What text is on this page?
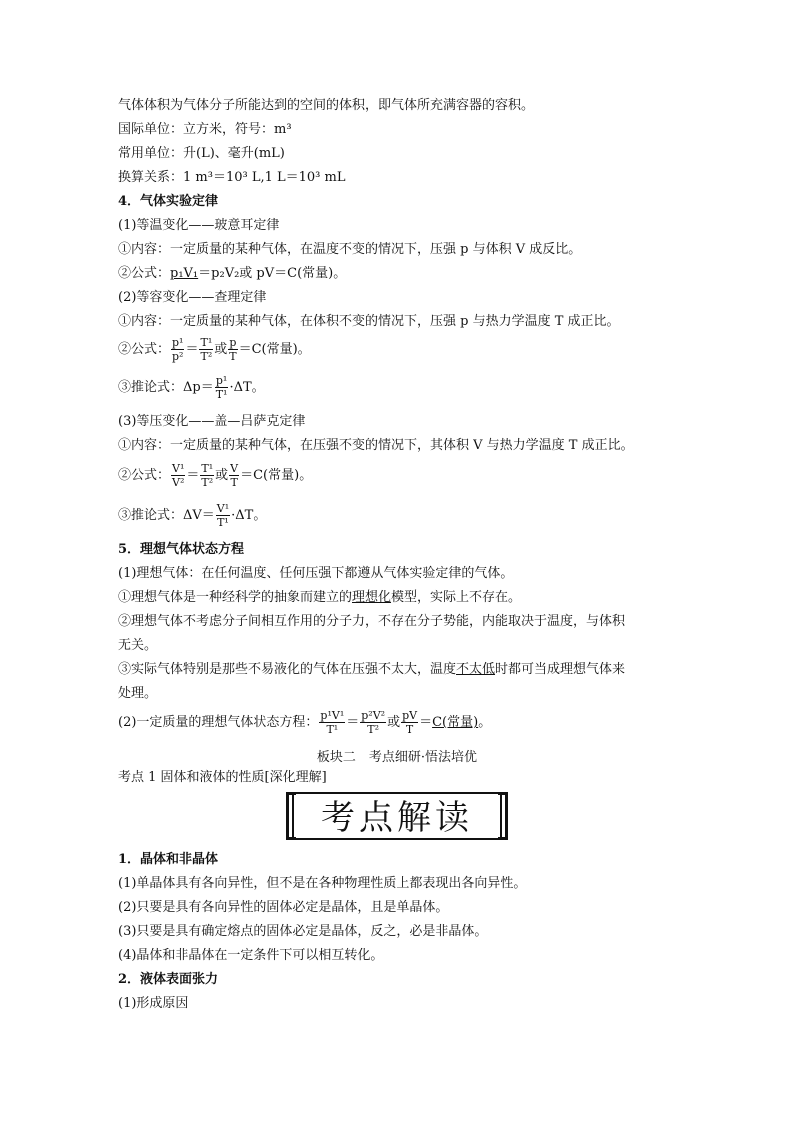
气体体积为气体分子所能达到的空间的体积，即气体所充满容器的容积。
国际单位：立方米，符号：m³
常用单位：升(L)、毫升(mL)
换算关系：1 m³＝10³ L,1 L＝10³ mL
4．气体实验定律
(1)等温变化——玻意耳定律
①内容：一定质量的某种气体，在温度不变的情况下，压强 p 与体积 V 成反比。
②公式：p₁V₁＝p₂V₂或 pV＝C(常量)。
(2)等容变化——查理定律
①内容：一定质量的某种气体，在体积不变的情况下，压强 p 与热力学温度 T 成正比。
②公式： $\frac{\text{p¹}}{\text{p²}} = \frac{\text{T¹}}{\text{T²}}$ 或 $\frac{p}{T} =C$(常量)。
③推论式：$\Delta p= \frac{\text{p¹}}{\text{T¹}} \cdot\Delta T$。
(3)等压变化——盖—吕萨克定律
①内容：一定质量的某种气体，在压强不变的情况下，其体积 V 与热力学温度 T 成正比。
②公式： $\frac{\text{V¹}}{\text{V²}} = \frac{\text{T¹}}{\text{T²}}$ 或 $\frac{V}{T} =C$(常量)。
③推论式：$\Delta V= \frac{\text{V¹}}{\text{T¹}} \cdot\Delta T$。
5．理想气体状态方程
(1)理想气体：在任何温度、任何压强下都遵从气体实验定律的气体。
①理想气体是一种经科学的抽象而建立的理想化模型，实际上不存在。
②理想气体不考虑分子间相互作用的分子力，不存在分子势能，内能取决于温度，与体积
无关。
③实际气体特别是那些不易液化的气体在压强不太大，温度不太低时都可当成理想气体来
处理。
(2)一定质量的理想气体状态方程： $\frac{\text{p¹V¹}}{\text{T¹}} = \frac{\text{p²V²}}{\text{T²}}$ 或 $\frac{pV}{T} =C$(常量)。
板块二　考点细研·悟法培优
考点 1 固体和液体的性质[深化理解]
考点解读
1．晶体和非晶体
(1)单晶体具有各向异性，但不是在各种物理性质上都表现出各向异性。
(2)只要是具有各向异性的固体必定是晶体，且是单晶体。
(3)只要是具有确定熔点的固体必定是晶体，反之，必是非晶体。
(4)晶体和非晶体在一定条件下可以相互转化。
2．液体表面张力
(1)形成原因
